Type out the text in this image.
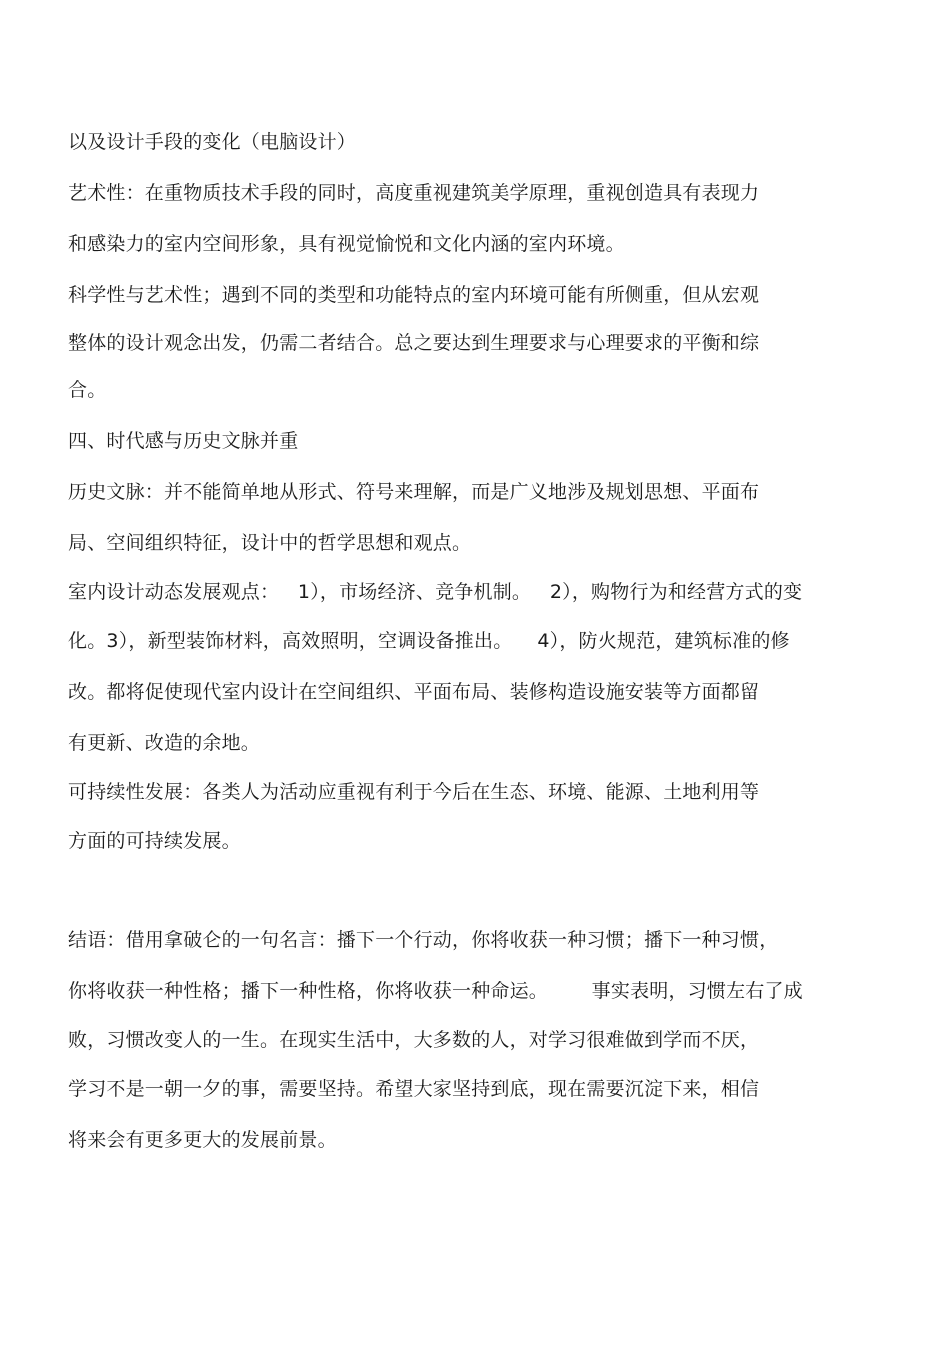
以及设计手段的变化（电脑设计）
艺术性：在重物质技术手段的同时，高度重视建筑美学原理，重视创造具有表现力
和感染力的室内空间形象，具有视觉愉悦和文化内涵的室内环境。
科学性与艺术性；遇到不同的类型和功能特点的室内环境可能有所侧重，但从宏观
整体的设计观念出发，仍需二者结合。总之要达到生理要求与心理要求的平衡和综
合。
四、时代感与历史文脉并重
历史文脉：并不能简单地从形式、符号来理解，而是广义地涉及规划思想、平面布
局、空间组织特征，设计中的哲学思想和观点。
室内设计动态发展观点：   1），市场经济、竞争机制。   2），购物行为和经营方式的变
化。3），新型装饰材料，高效照明，空调设备推出。    4），防火规范，建筑标准的修
改。都将促使现代室内设计在空间组织、平面布局、装修构造设施安装等方面都留
有更新、改造的余地。
可持续性发展：各类人为活动应重视有利于今后在生态、环境、能源、土地利用等
方面的可持续发展。
结语：借用拿破仑的一句名言：播下一个行动，你将收获一种习惯；播下一种习惯，
你将收获一种性格；播下一种性格，你将收获一种命运。       事实表明，习惯左右了成
败，习惯改变人的一生。在现实生活中，大多数的人，对学习很难做到学而不厌，
学习不是一朝一夕的事，需要坚持。希望大家坚持到底，现在需要沉淀下来，相信
将来会有更多更大的发展前景。
